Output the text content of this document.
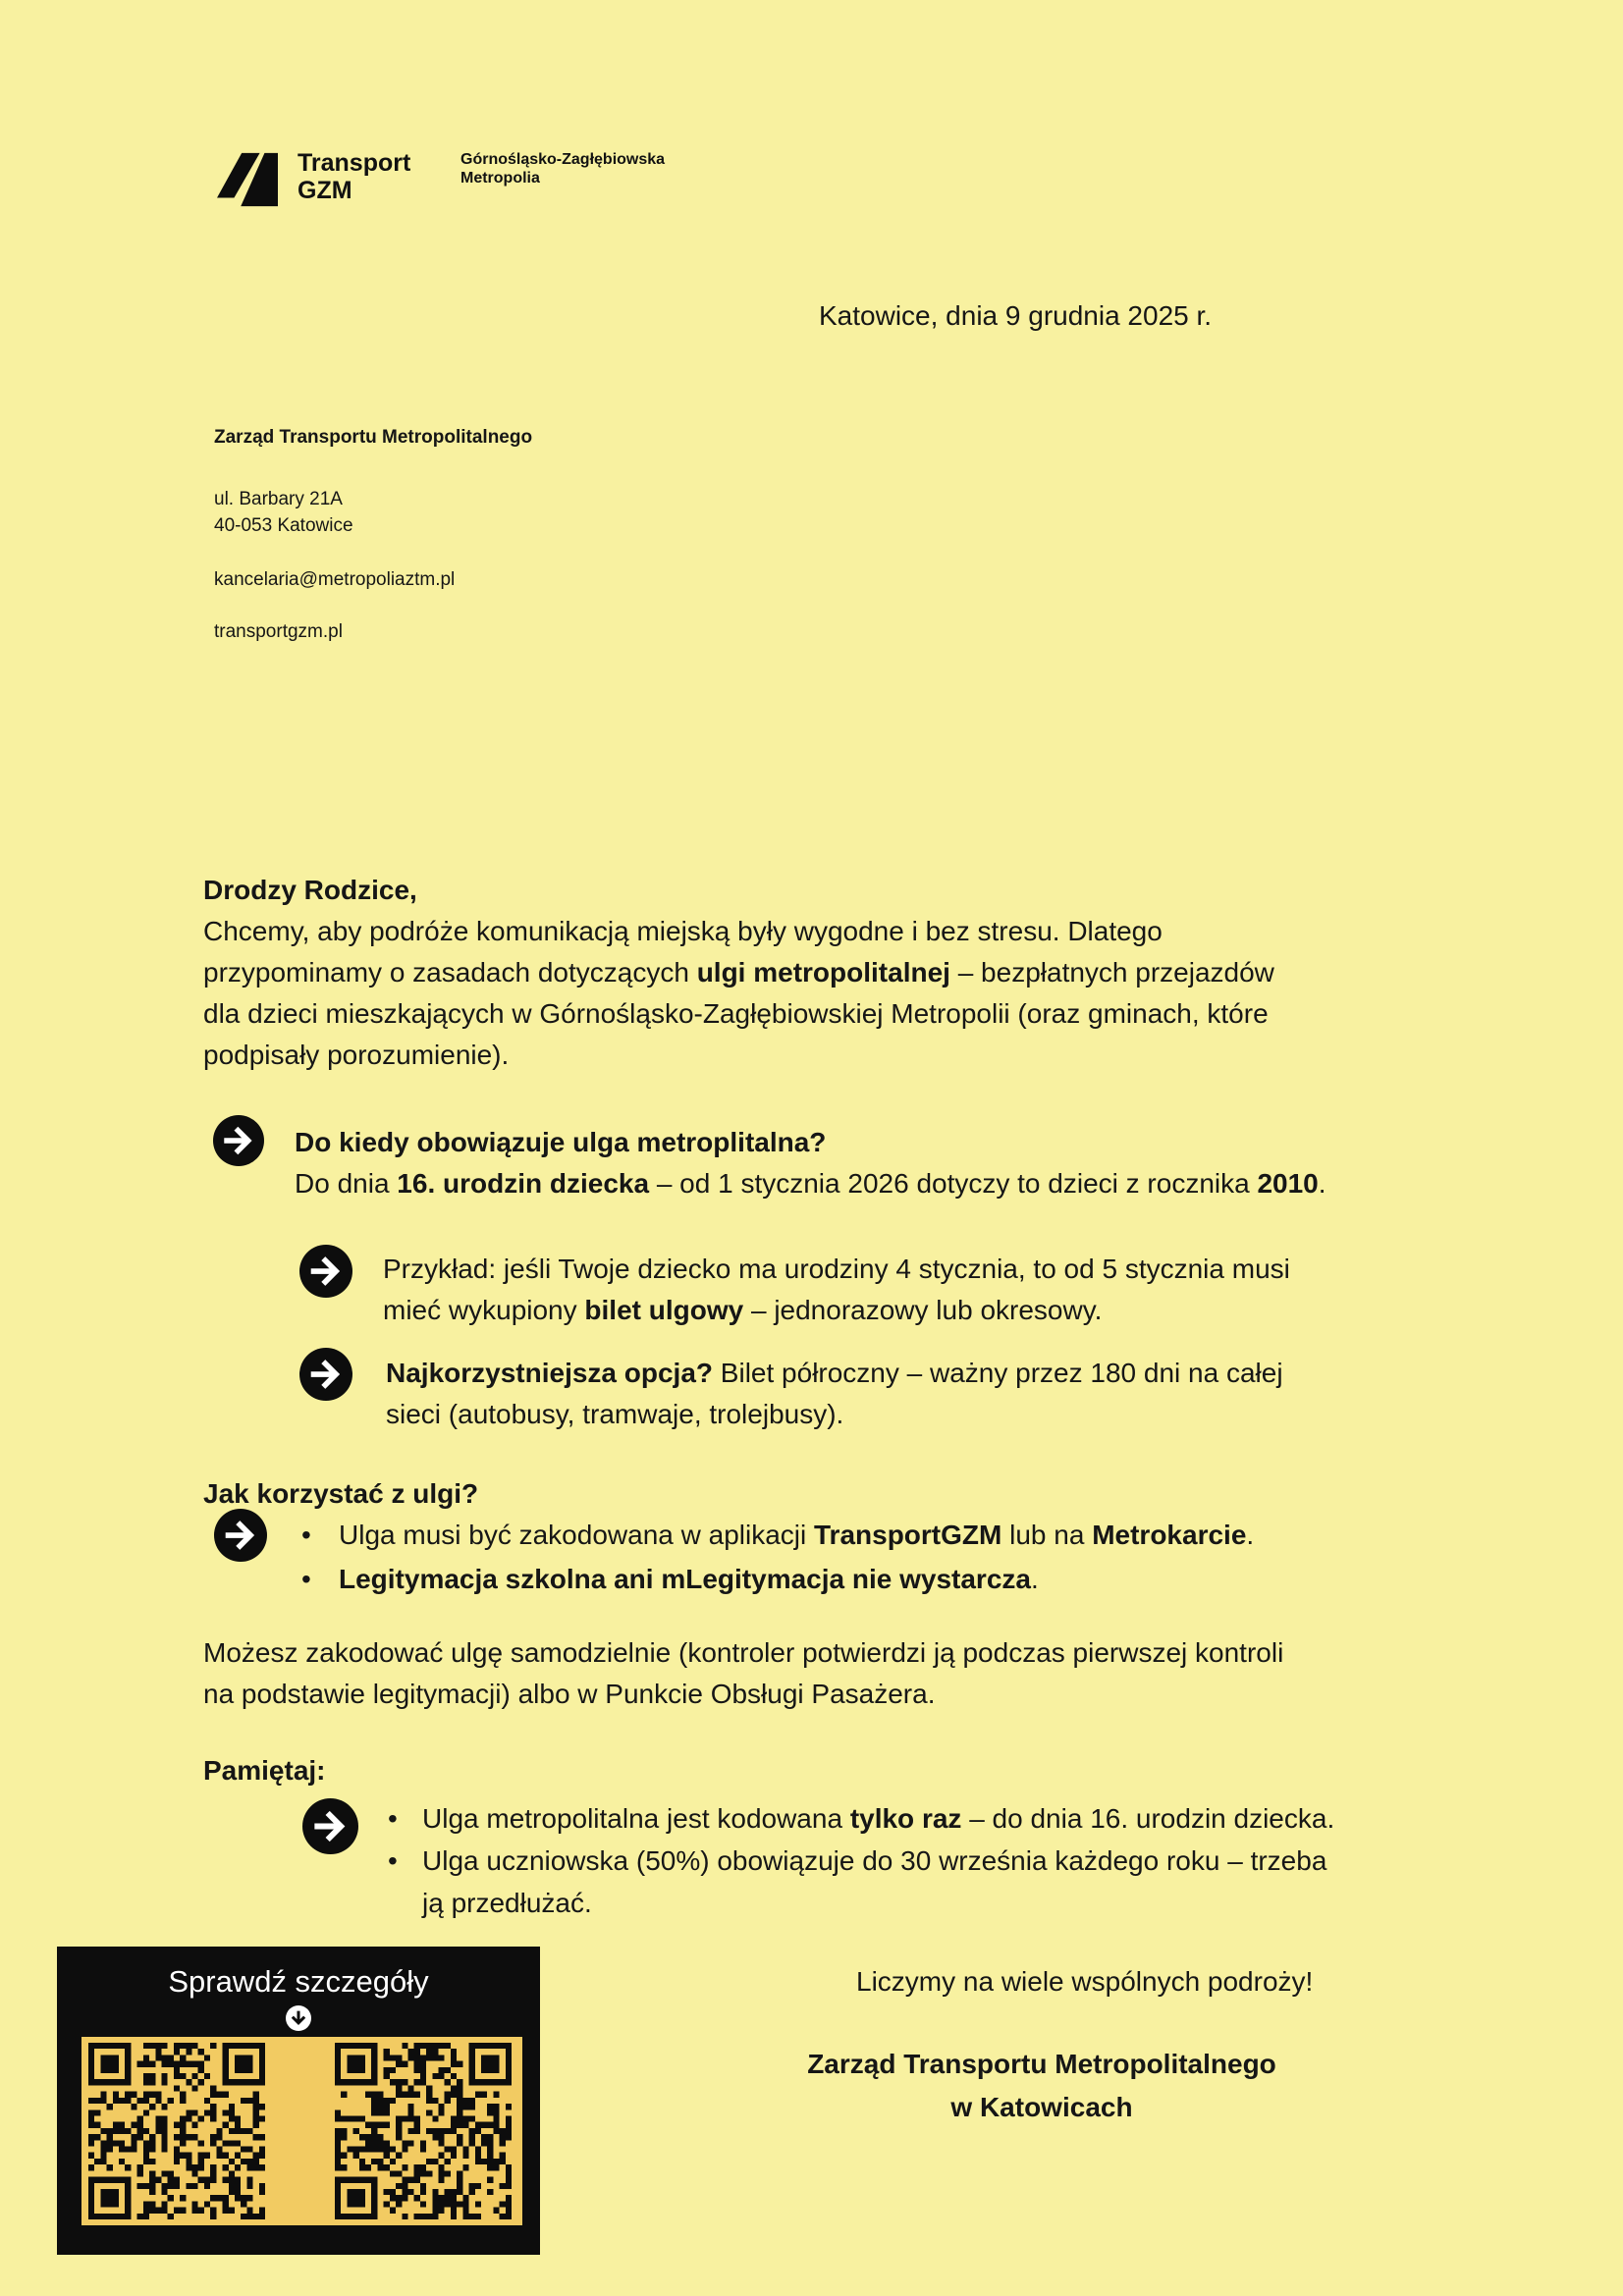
Transport
GZM
Górnośląsko-Zagłębiowska
Metropolia
Katowice, dnia 9 grudnia 2025 r.

Zarząd Transportu Metropolitalnego

ul. Barbary 21A

40-053 Katowice

kancelaria@metropoliaztm.pl

transportgzm.pl

Drodzy Rodzice,
Chcemy, aby podróże komunikacją miejską były wygodne i bez stresu. Dlatego
przypominamy o zasadach dotyczących ulgi metropolitalnej – bezpłatnych przejazdów
dla dzieci mieszkających w Górnośląsko-Zagłębiowskiej Metropolii (oraz gminach, które
podpisały porozumienie).
Do kiedy obowiązuje ulga metroplitalna?
Do dnia 16. urodzin dziecka – od 1 stycznia 2026 dotyczy to dzieci z rocznika 2010.
Przykład: jeśli Twoje dziecko ma urodziny 4 stycznia, to od 5 stycznia musi
mieć wykupiony bilet ulgowy – jednorazowy lub okresowy.
Najkorzystniejsza opcja? Bilet półroczny – ważny przez 180 dni na całej
sieci (autobusy, tramwaje, trolejbusy).
Jak korzystać z ulgi?
•	Ulga musi być zakodowana w aplikacji TransportGZM lub na Metrokarcie.
•	Legitymacja szkolna ani mLegitymacja nie wystarcza.
Możesz zakodować ulgę samodzielnie (kontroler potwierdzi ją podczas pierwszej kontroli
na podstawie legitymacji) albo w Punkcie Obsługi Pasażera.
Pamiętaj:
• Ulga metropolitalna jest kodowana tylko raz – do dnia 16. urodzin dziecka.
• Ulga uczniowska (50%) obowiązuje do 30 września każdego roku – trzeba
ją przedłużać.
Sprawdź szczegóły	Liczymy na wiele wspólnych podroży!
Zarząd Transportu Metropolitalnego
w Katowicach
